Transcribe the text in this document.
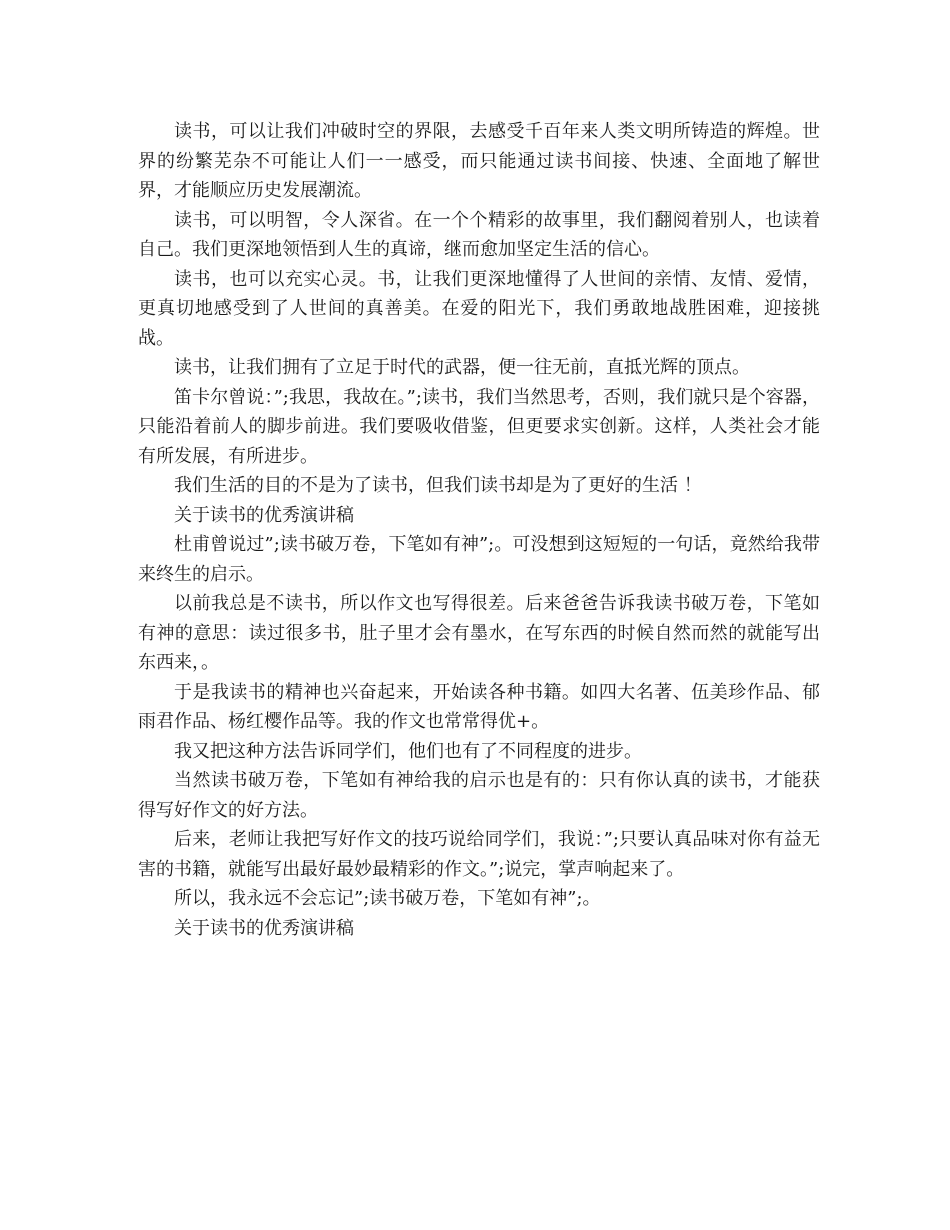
读书，可以让我们冲破时空的界限，去感受千百年来人类文明所铸造的辉煌。世界的纷繁芜杂不可能让人们一一感受，而只能通过读书间接、快速、全面地了解世界，才能顺应历史发展潮流。

读书，可以明智，令人深省。在一个个精彩的故事里，我们翻阅着别人，也读着自己。我们更深地领悟到人生的真谛，继而愈加坚定生活的信心。

读书，也可以充实心灵。书，让我们更深地懂得了人世间的亲情、友情、爱情，更真切地感受到了人世间的真善美。在爱的阳光下，我们勇敢地战胜困难，迎接挑战。

读书，让我们拥有了立足于时代的武器，便一往无前，直抵光辉的顶点。

笛卡尔曾说：”;我思，我故在。”;读书，我们当然思考，否则，我们就只是个容器，只能沿着前人的脚步前进。我们要吸收借鉴，但更要求实创新。这样，人类社会才能有所发展，有所进步。

我们生活的目的不是为了读书，但我们读书却是为了更好的生活 ！

关于读书的优秀演讲稿

杜甫曾说过”;读书破万卷，下笔如有神”;。可没想到这短短的一句话，竟然给我带来终生的启示。

以前我总是不读书，所以作文也写得很差。后来爸爸告诉我读书破万卷，下笔如有神的意思：读过很多书，肚子里才会有墨水，在写东西的时候自然而然的就能写出东西来，。

于是我读书的精神也兴奋起来，开始读各种书籍。如四大名著、伍美珍作品、郁雨君作品、杨红樱作品等。我的作文也常常得优+。

我又把这种方法告诉同学们，他们也有了不同程度的进步。

当然读书破万卷，下笔如有神给我的启示也是有的：只有你认真的读书，才能获得写好作文的好方法。

后来，老师让我把写好作文的技巧说给同学们，我说：”;只要认真品味对你有益无害的书籍，就能写出最好最妙最精彩的作文。”;说完，掌声响起来了。

所以，我永远不会忘记”;读书破万卷，下笔如有神”;。

关于读书的优秀演讲稿
